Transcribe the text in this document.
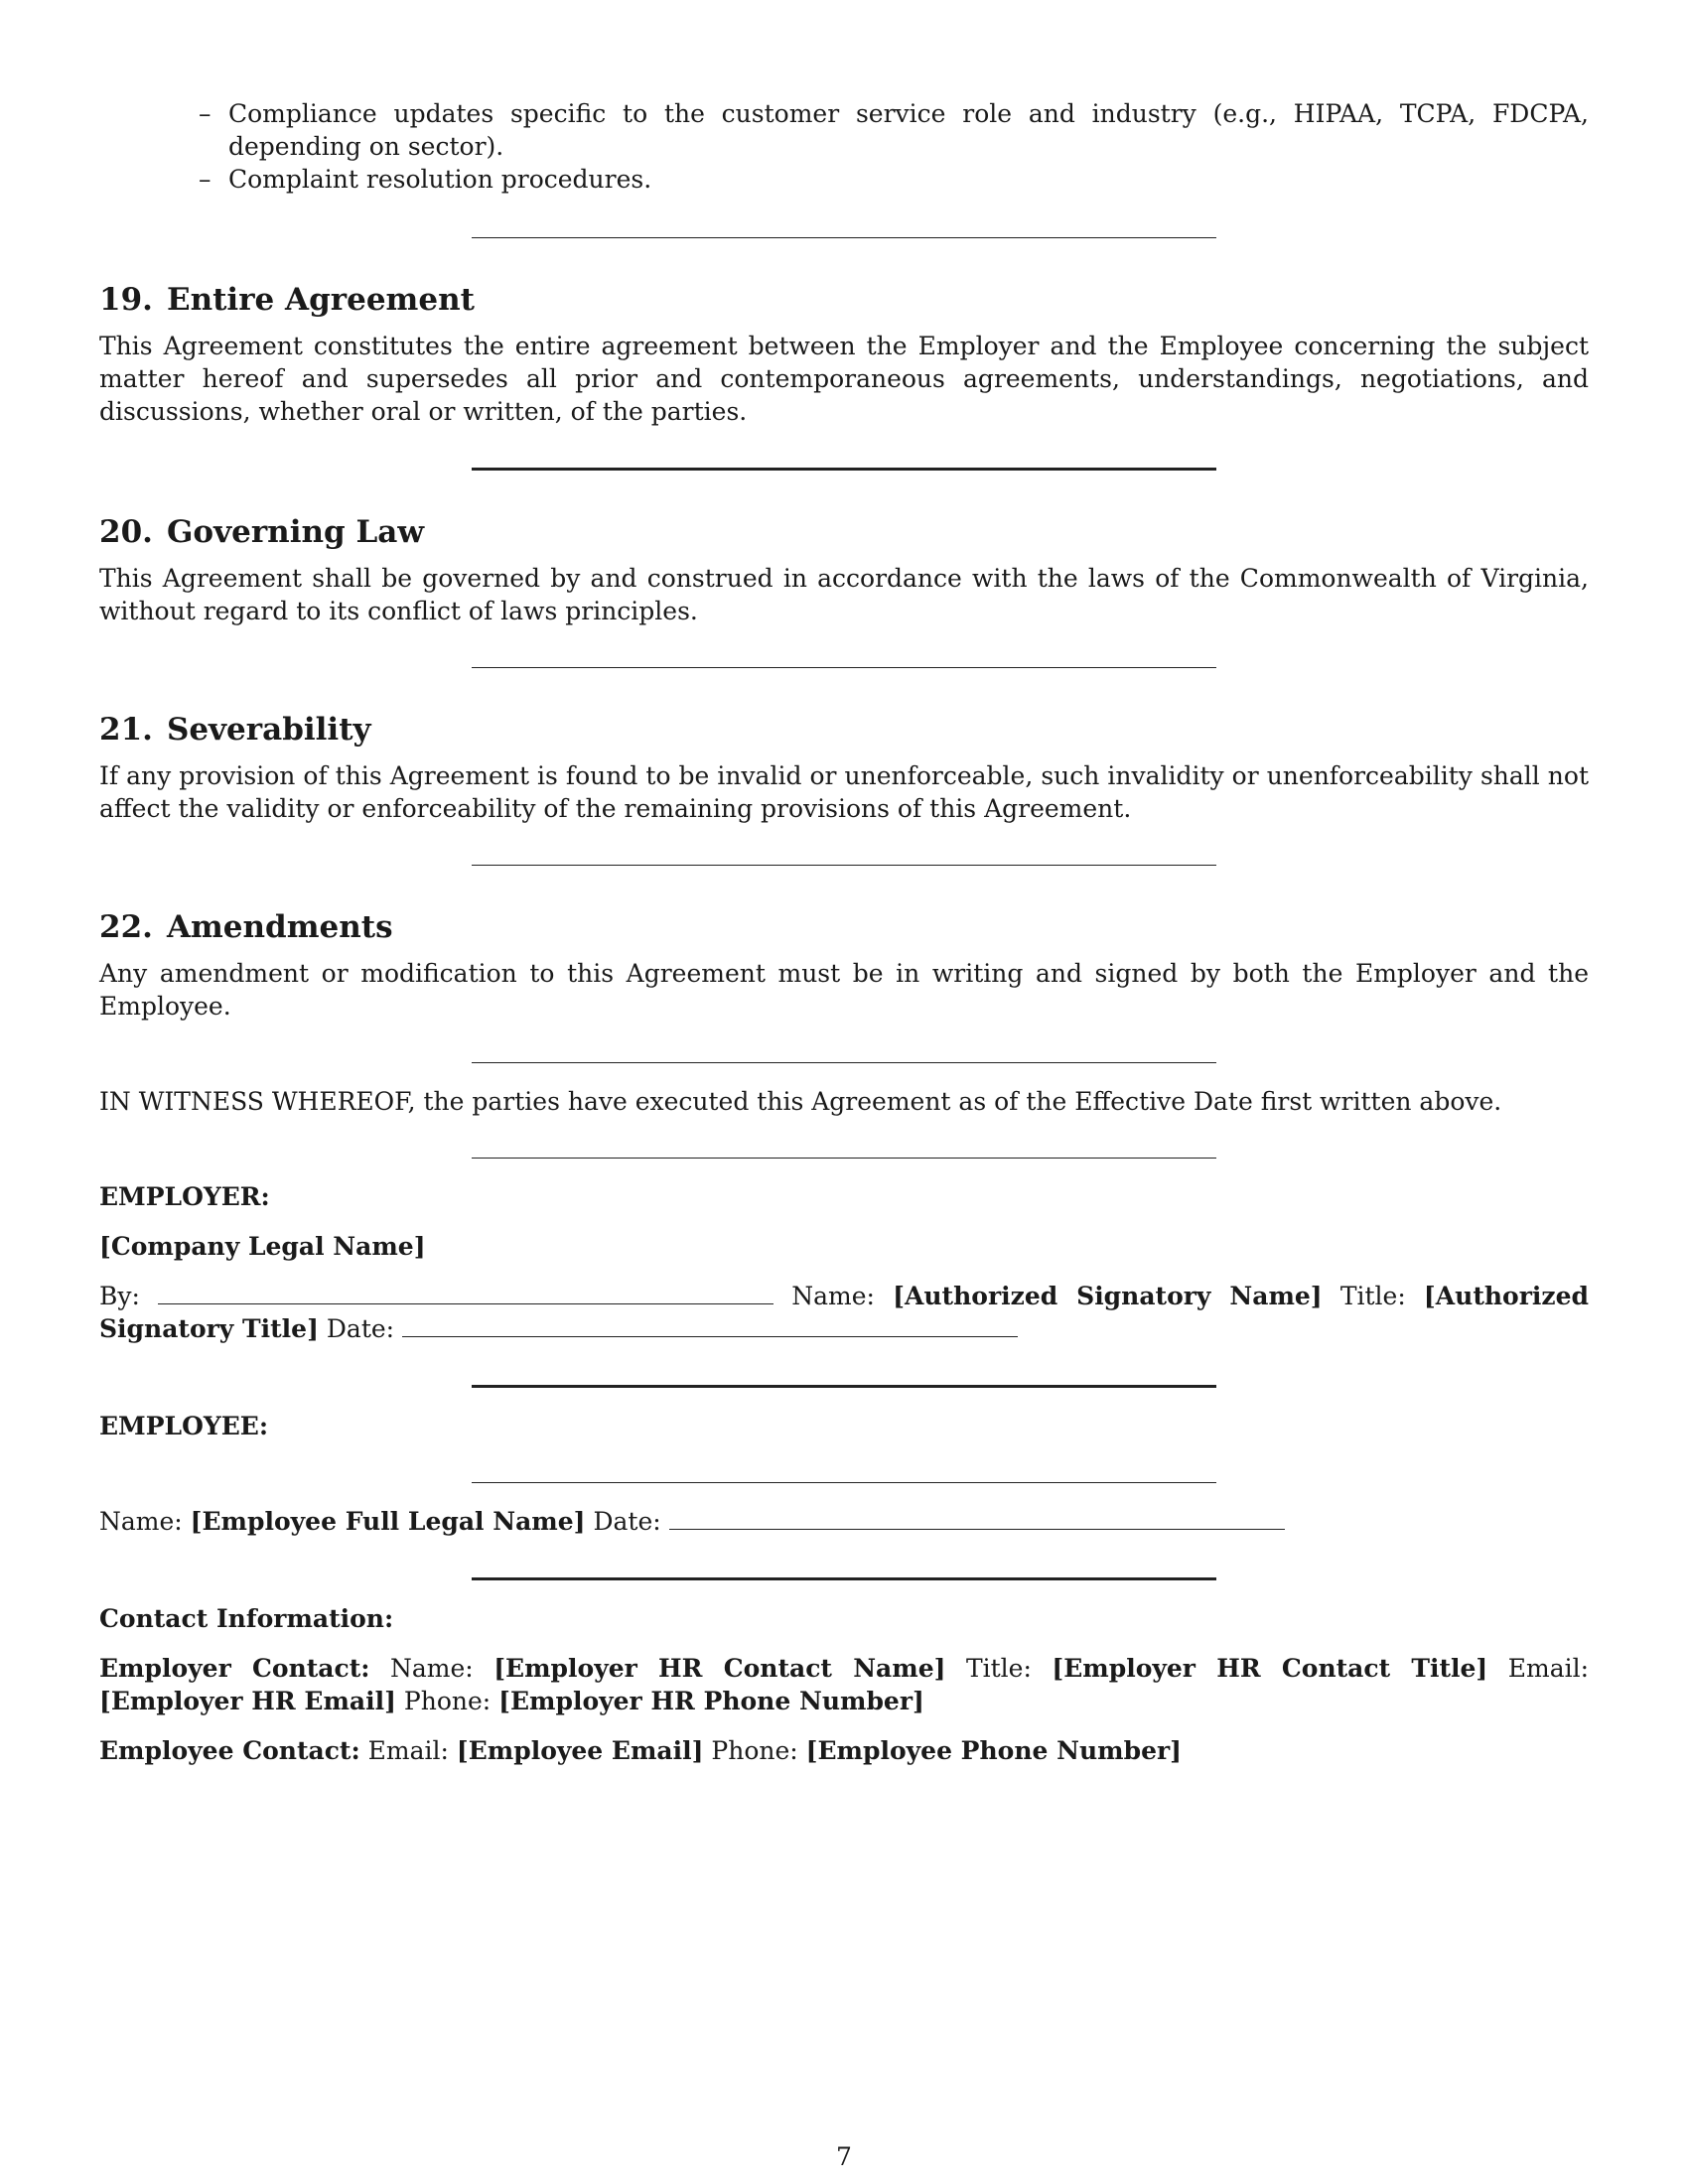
– Compliance updates specific to the customer service role and industry (e.g., HIPAA, TCPA, FDCPA, depending on sector).
– Complaint resolution procedures.
19. Entire Agreement

This Agreement constitutes the entire agreement between the Employer and the Employee concerning the subject matter hereof and supersedes all prior and contemporaneous agreements, understandings, negotiations, and discussions, whether oral or written, of the parties.

20. Governing Law

This Agreement shall be governed by and construed in accordance with the laws of the Commonwealth of Virginia, without regard to its conflict of laws principles.

21. Severability

If any provision of this Agreement is found to be invalid or unenforceable, such invalidity or unenforceability shall not affect the validity or enforceability of the remaining provisions of this Agreement.

22. Amendments

Any amendment or modification to this Agreement must be in writing and signed by both the Employer and the Employee.

IN WITNESS WHEREOF, the parties have executed this Agreement as of the Effective Date first written above.

EMPLOYER:

[Company Legal Name]

By:	Name: [Authorized Signatory Name] Title: [Authorized Signatory Title] Date:

EMPLOYEE:

Name: [Employee Full Legal Name] Date:

Contact Information:

Employer Contact: Name: [Employer HR Contact Name] Title: [Employer HR Contact Title] Email: [Employer HR Email] Phone: [Employer HR Phone Number]

Employee Contact: Email: [Employee Email] Phone: [Employee Phone Number]

7
